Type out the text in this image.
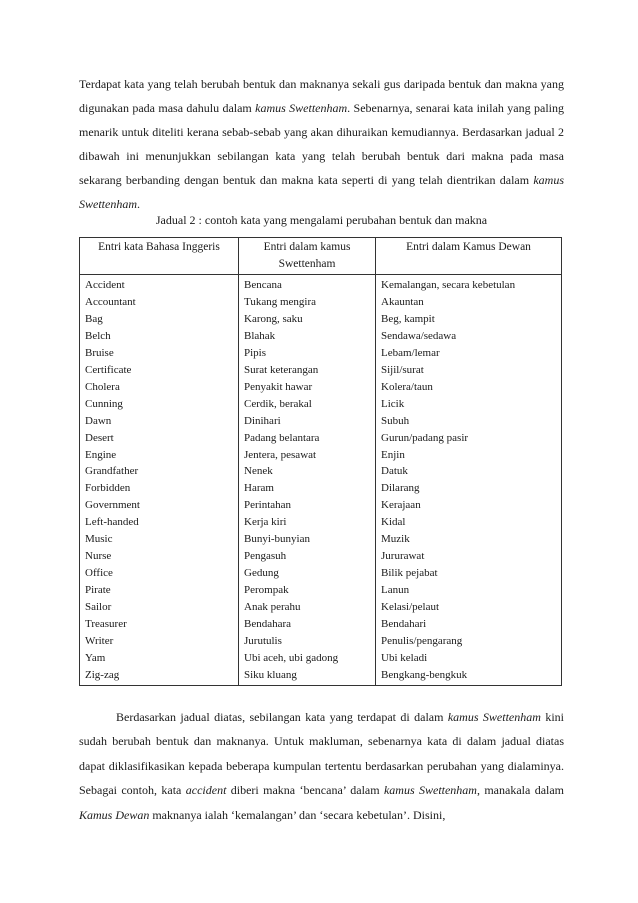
Terdapat kata yang telah berubah bentuk dan maknanya sekali gus daripada bentuk dan makna yang digunakan pada masa dahulu dalam kamus Swettenham. Sebenarnya, senarai kata inilah yang paling menarik untuk diteliti kerana sebab-sebab yang akan dihuraikan kemudiannya. Berdasarkan jadual 2 dibawah ini menunjukkan sebilangan kata yang telah berubah bentuk dari makna pada masa sekarang berbanding dengan bentuk dan makna kata seperti di yang telah dientrikan dalam kamus Swettenham.

Jadual 2 : contoh kata yang mengalami perubahan bentuk dan makna

Entri kata Bahasa Inggeris	Entri dalam kamus Swettenham	Entri dalam Kamus Dewan
Accident	Bencana	Kemalangan, secara kebetulan
Accountant	Tukang mengira	Akauntan
Bag	Karong, saku	Beg, kampit
Belch	Blahak	Sendawa/sedawa
Bruise	Pipis	Lebam/lemar
Certificate	Surat keterangan	Sijil/surat
Cholera	Penyakit hawar	Kolera/taun
Cunning	Cerdik, berakal	Licik
Dawn	Dinihari	Subuh
Desert	Padang belantara	Gurun/padang pasir
Engine	Jentera, pesawat	Enjin
Grandfather	Nenek	Datuk
Forbidden	Haram	Dilarang
Government	Perintahan	Kerajaan
Left-handed	Kerja kiri	Kidal
Music	Bunyi-bunyian	Muzik
Nurse	Pengasuh	Jururawat
Office	Gedung	Bilik pejabat
Pirate	Perompak	Lanun
Sailor	Anak perahu	Kelasi/pelaut
Treasurer	Bendahara	Bendahari
Writer	Jurutulis	Penulis/pengarang
Yam	Ubi aceh, ubi gadong	Ubi keladi
Zig-zag	Siku kluang	Bengkang-bengkuk

Berdasarkan jadual diatas, sebilangan kata yang terdapat di dalam kamus Swettenham kini sudah berubah bentuk dan maknanya. Untuk makluman, sebenarnya kata di dalam jadual diatas dapat diklasifikasikan kepada beberapa kumpulan tertentu berdasarkan perubahan yang dialaminya. Sebagai contoh, kata accident diberi makna ‘bencana’ dalam kamus Swettenham, manakala dalam Kamus Dewan maknanya ialah ‘kemalangan’ dan ‘secara kebetulan’. Disini,
